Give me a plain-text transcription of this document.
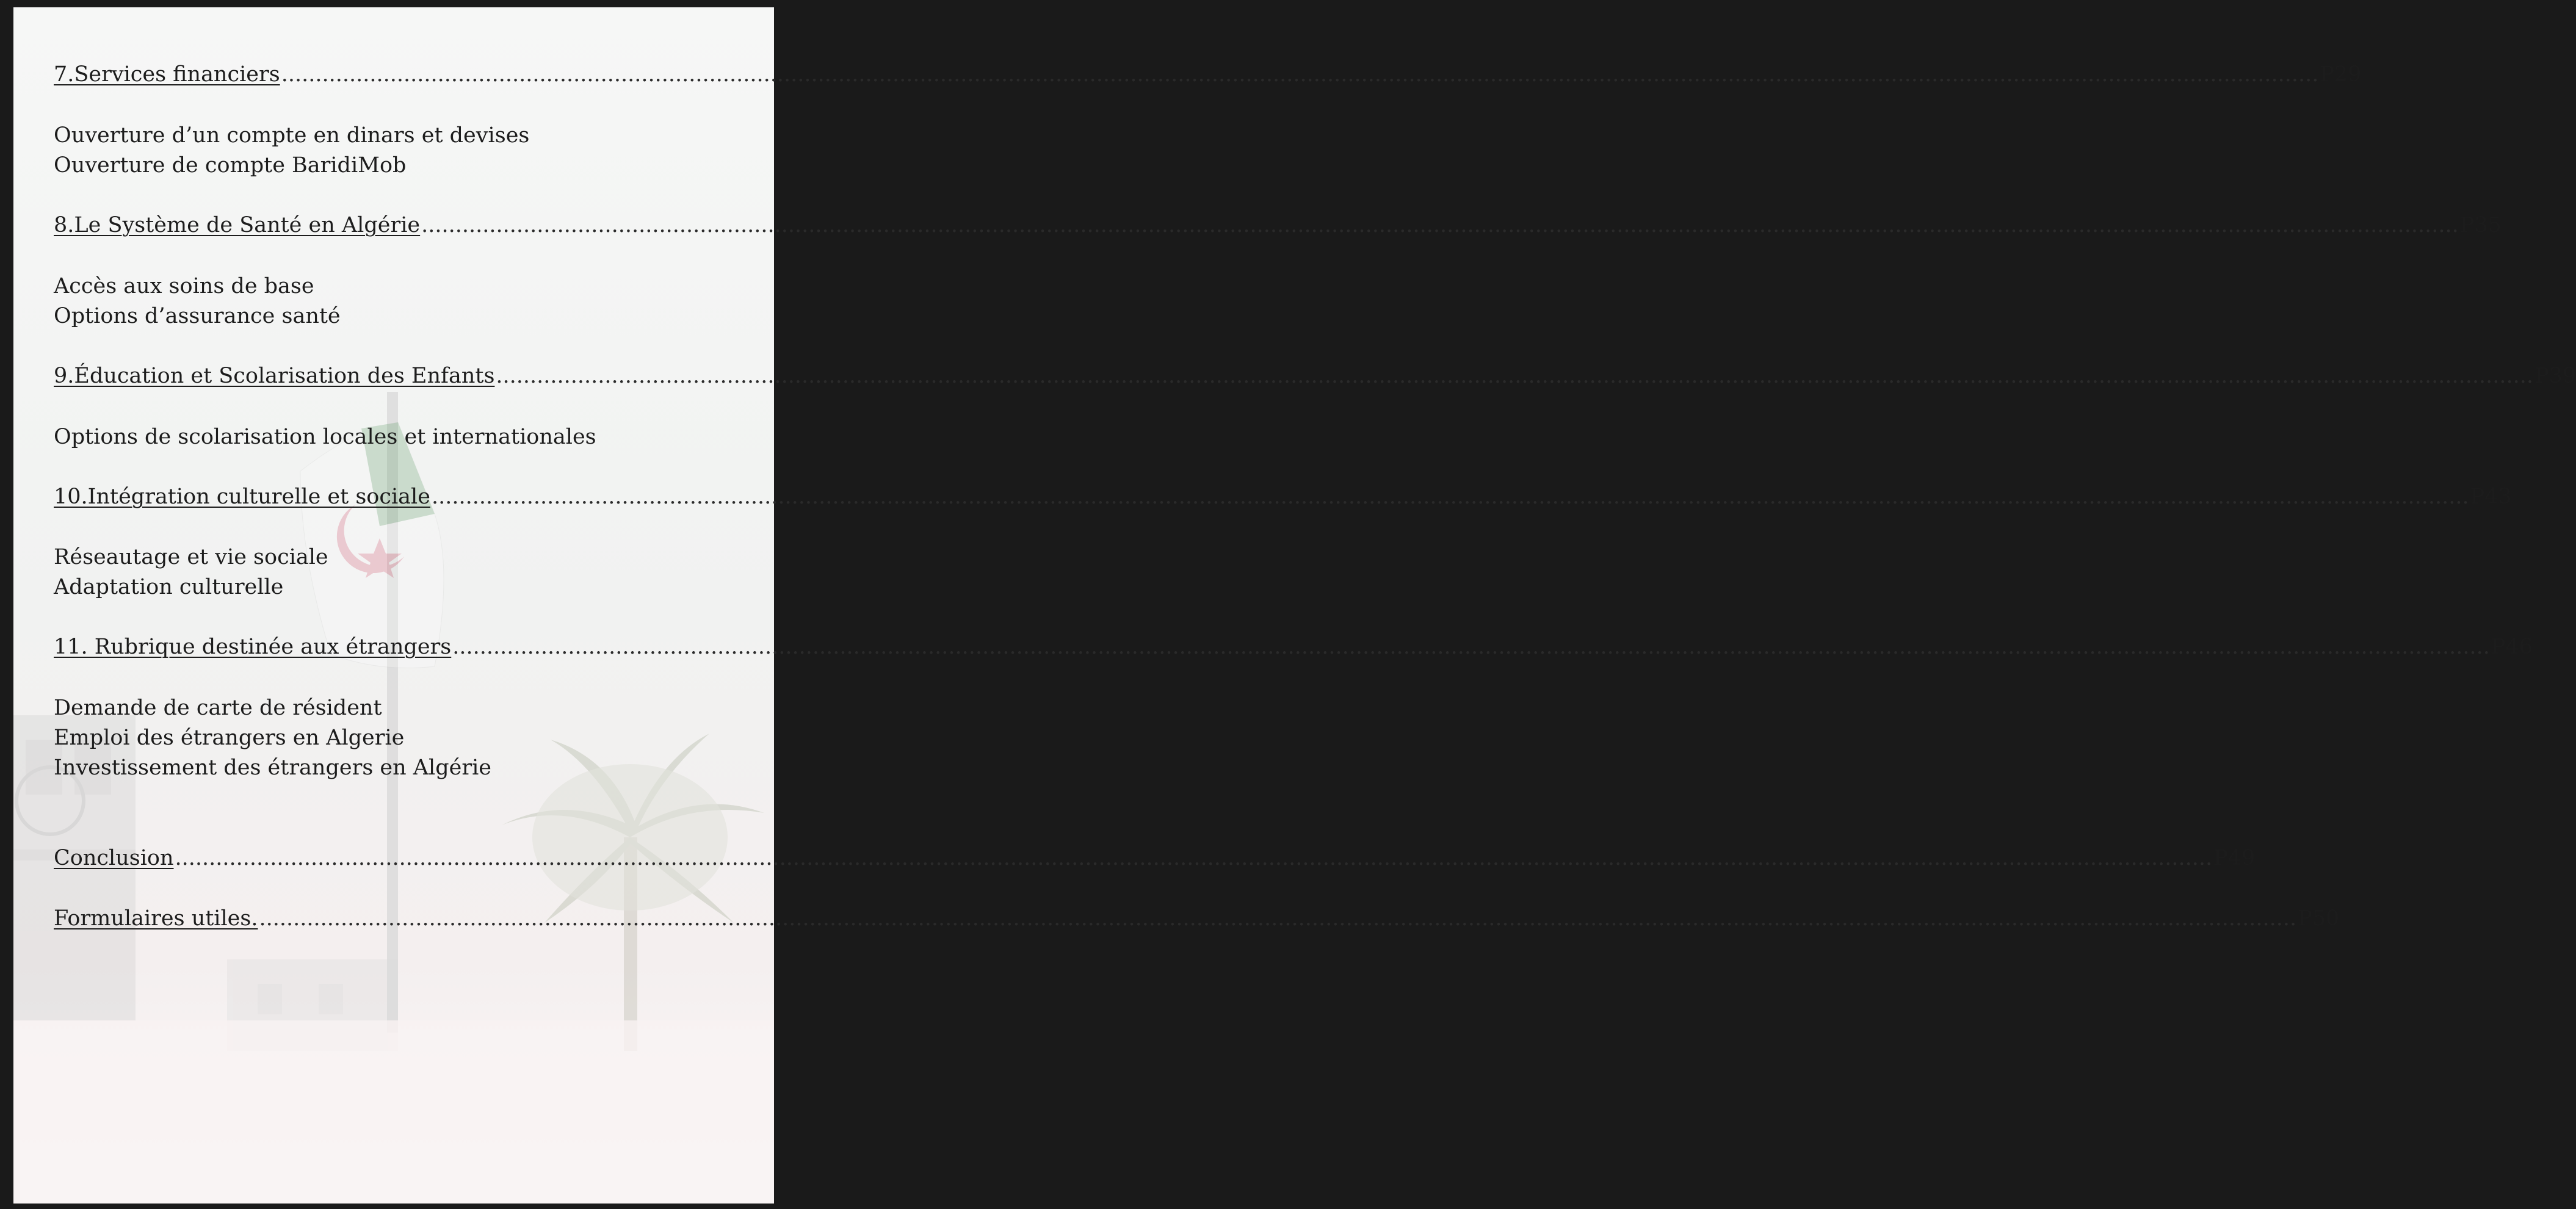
7.Services financiers ............................................................................................................................................................................................................................................................................................................ P29
Ouverture d’un compte en dinars et devises
Ouverture de compte BaridiMob
8.Le Système de Santé en Algérie ............................................................................................................................................................................................................................................................................................................ P35
Accès aux soins de base
Options d’assurance santé
9.Éducation et Scolarisation des Enfants ............................................................................................................................................................................................................................................................................................................ P39
Options de scolarisation locales et internationales
10.Intégration culturelle et sociale ............................................................................................................................................................................................................................................................................................................ P43
Réseautage et vie sociale
Adaptation culturelle
11. Rubrique destinée aux étrangers ............................................................................................................................................................................................................................................................................................................ P46
Demande de carte de résident
Emploi des étrangers en Algerie
Investissement des étrangers en Algérie
Conclusion ............................................................................................................................................................................................................................................................................................................ P49
Formulaires utiles. ............................................................................................................................................................................................................................................................................................................ P50
